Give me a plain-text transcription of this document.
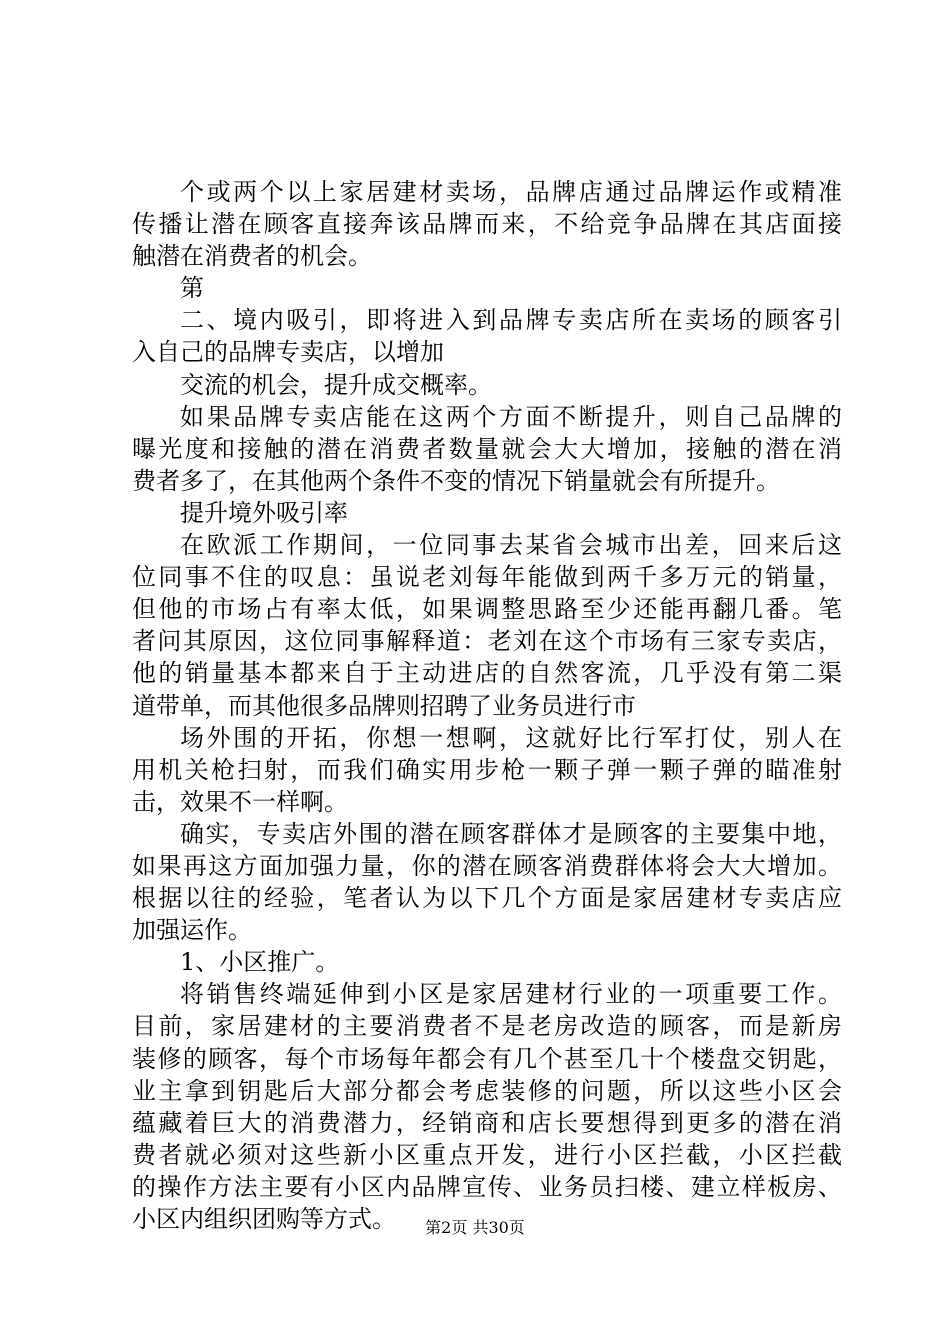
个或两个以上家居建材卖场，品牌店通过品牌运作或精准
传播让潜在顾客直接奔该品牌而来，不给竞争品牌在其店面接
触潜在消费者的机会。
第
二、境内吸引，即将进入到品牌专卖店所在卖场的顾客引
入自己的品牌专卖店，以增加
交流的机会，提升成交概率。
如果品牌专卖店能在这两个方面不断提升，则自己品牌的
曝光度和接触的潜在消费者数量就会大大增加，接触的潜在消
费者多了，在其他两个条件不变的情况下销量就会有所提升。
提升境外吸引率
在欧派工作期间，一位同事去某省会城市出差，回来后这
位同事不住的叹息：虽说老刘每年能做到两千多万元的销量，
但他的市场占有率太低，如果调整思路至少还能再翻几番。笔
者问其原因，这位同事解释道：老刘在这个市场有三家专卖店，
他的销量基本都来自于主动进店的自然客流，几乎没有第二渠
道带单，而其他很多品牌则招聘了业务员进行市
场外围的开拓，你想一想啊，这就好比行军打仗，别人在
用机关枪扫射，而我们确实用步枪一颗子弹一颗子弹的瞄准射
击，效果不一样啊。
确实，专卖店外围的潜在顾客群体才是顾客的主要集中地，
如果再这方面加强力量，你的潜在顾客消费群体将会大大增加。
根据以往的经验，笔者认为以下几个方面是家居建材专卖店应
加强运作。
1、小区推广。
将销售终端延伸到小区是家居建材行业的一项重要工作。
目前，家居建材的主要消费者不是老房改造的顾客，而是新房
装修的顾客，每个市场每年都会有几个甚至几十个楼盘交钥匙，
业主拿到钥匙后大部分都会考虑装修的问题，所以这些小区会
蕴藏着巨大的消费潜力，经销商和店长要想得到更多的潜在消
费者就必须对这些新小区重点开发，进行小区拦截，小区拦截
的操作方法主要有小区内品牌宣传、业务员扫楼、建立样板房、
小区内组织团购等方式。	第2页 共30页
